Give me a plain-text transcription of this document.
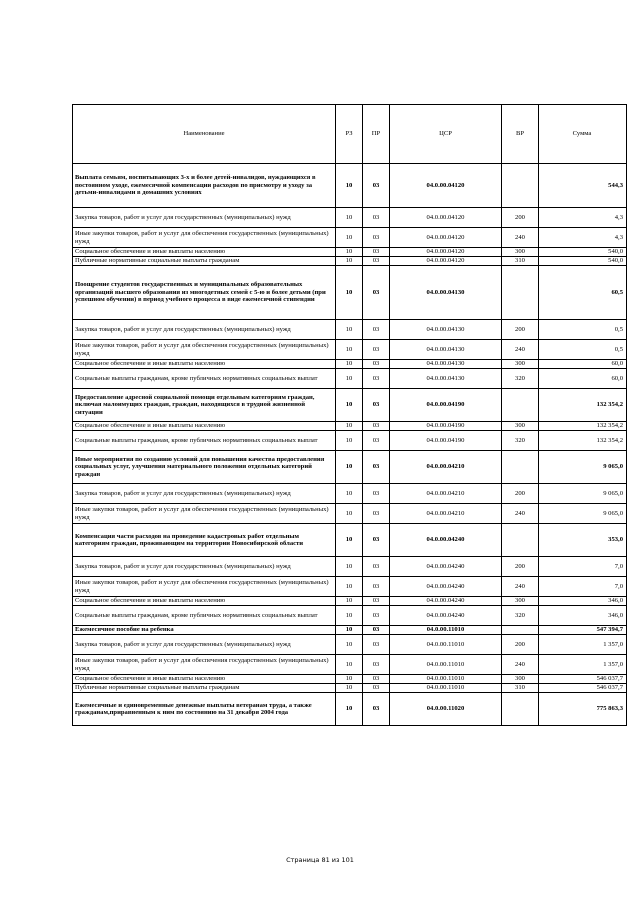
Наименование	РЗ	ПР	ЦСР	ВР	Сумма
Выплата семьям, воспитывающих 3-х и более детей-инвалидов, нуждающихся в постоянном уходе, ежемесячной компенсации расходов по присмотру и уходу за детьми-инвалидами в домашних условиях	10	03	04.0.00.04120		544,3
Закупка товаров, работ и услуг для государственных (муниципальных) нужд	10	03	04.0.00.04120	200	4,3
Иные закупки товаров, работ и услуг для обеспечения государственных (муниципальных) нужд	10	03	04.0.00.04120	240	4,3
Социальное обеспечение и иные выплаты населению	10	03	04.0.00.04120	300	540,0
Публичные нормативные социальные выплаты гражданам	10	03	04.0.00.04120	310	540,0
Поощрение студентов государственных и муниципальных образовательных организаций высшего образования из многодетных семей с 5-ю и более детьми (при успешном обучении) в период учебного процесса в виде ежемесячной стипендии	10	03	04.0.00.04130		60,5
Закупка товаров, работ и услуг для государственных (муниципальных) нужд	10	03	04.0.00.04130	200	0,5
Иные закупки товаров, работ и услуг для обеспечения государственных (муниципальных) нужд	10	03	04.0.00.04130	240	0,5
Социальное обеспечение и иные выплаты населению	10	03	04.0.00.04130	300	60,0
Социальные выплаты гражданам, кроме публичных нормативных социальных выплат	10	03	04.0.00.04130	320	60,0
Предоставление адресной социальной помощи отдельным категориям граждан, включая малоимущих граждан, граждан, находящихся в трудной жизненной ситуации	10	03	04.0.00.04190		132 354,2
Социальное обеспечение и иные выплаты населению	10	03	04.0.00.04190	300	132 354,2
Социальные выплаты гражданам, кроме публичных нормативных социальных выплат	10	03	04.0.00.04190	320	132 354,2
Иные мероприятия по созданию условий для повышения качества предоставления социальных услуг, улучшения материального положения отдельных категорий граждан	10	03	04.0.00.04210		9 065,0
Закупка товаров, работ и услуг для государственных (муниципальных) нужд	10	03	04.0.00.04210	200	9 065,0
Иные закупки товаров, работ и услуг для обеспечения государственных (муниципальных) нужд	10	03	04.0.00.04210	240	9 065,0
Компенсация части расходов на проведение кадастровых работ отдельным категориям граждан, проживающим на территории Новосибирской области	10	03	04.0.00.04240		353,0
Закупка товаров, работ и услуг для государственных (муниципальных) нужд	10	03	04.0.00.04240	200	7,0
Иные закупки товаров, работ и услуг для обеспечения государственных (муниципальных) нужд	10	03	04.0.00.04240	240	7,0
Социальное обеспечение и иные выплаты населению	10	03	04.0.00.04240	300	346,0
Социальные выплаты гражданам, кроме публичных нормативных социальных выплат	10	03	04.0.00.04240	320	346,0
Ежемесячное пособие на ребенка	10	03	04.0.00.11010		547 394,7
Закупка товаров, работ и услуг для государственных (муниципальных) нужд	10	03	04.0.00.11010	200	1 357,0
Иные закупки товаров, работ и услуг для обеспечения государственных (муниципальных) нужд	10	03	04.0.00.11010	240	1 357,0
Социальное обеспечение и иные выплаты населению	10	03	04.0.00.11010	300	546 037,7
Публичные нормативные социальные выплаты гражданам	10	03	04.0.00.11010	310	546 037,7
Ежемесячные и единовременные денежные выплаты ветеранам труда, а также гражданам,приравненным к ним по состоянию на 31 декабря 2004 года	10	03	04.0.00.11020		775 863,3
Страница 81 из 101
